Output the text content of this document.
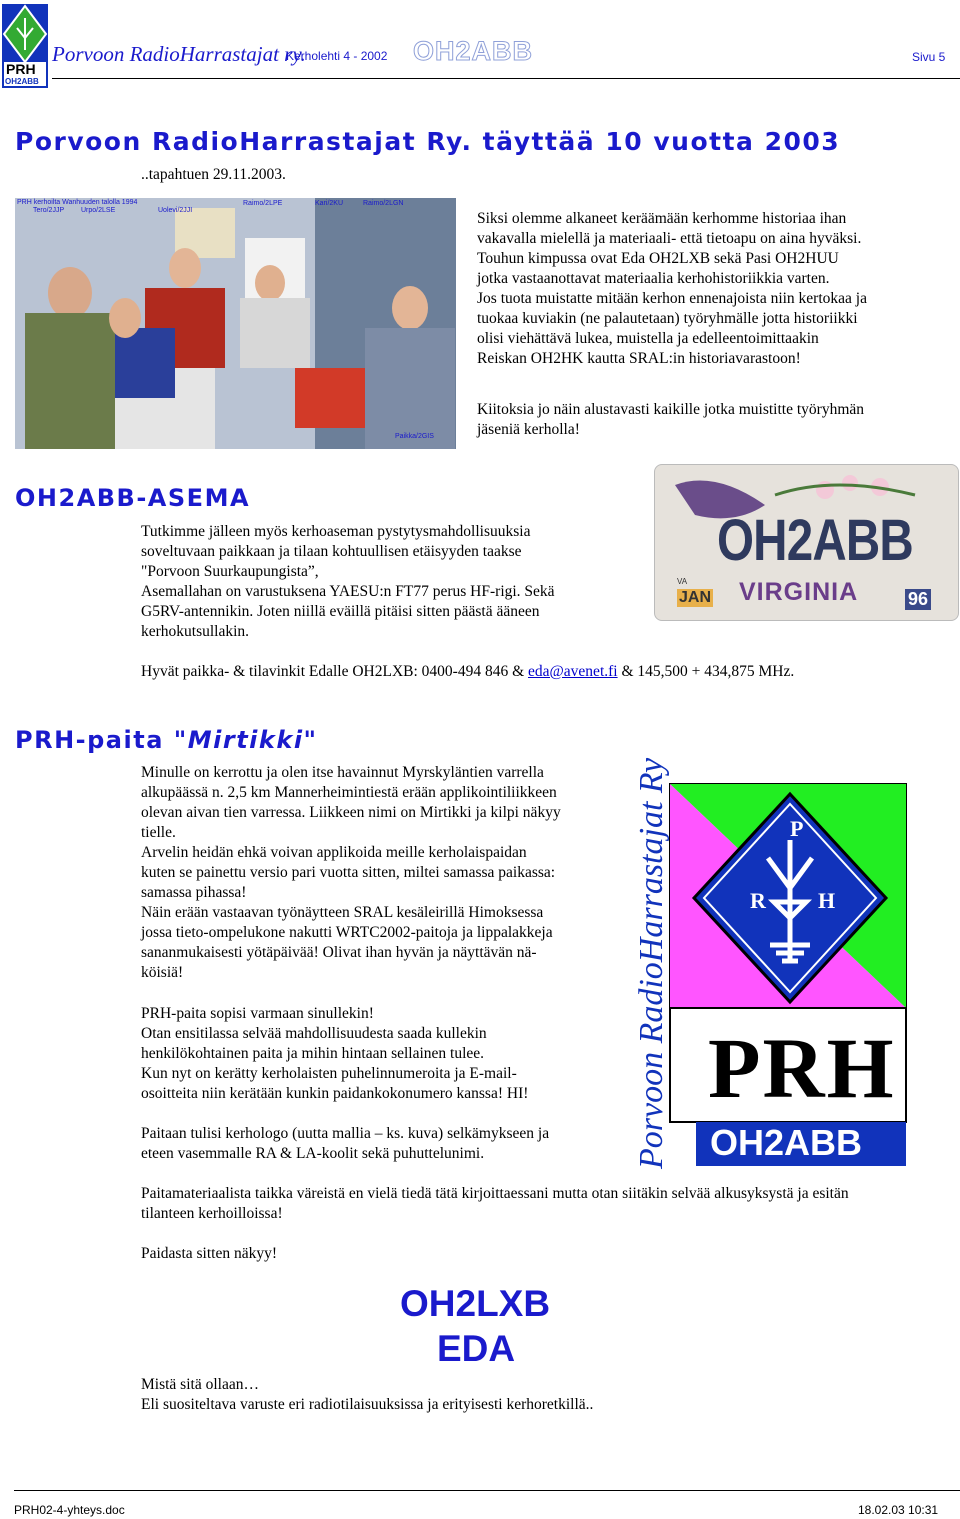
PRH
OH2ABB
Porvoon RadioHarrastajat ry.
Kerholehti 4 - 2002 OH2ABB	Sivu 5
Porvoon RadioHarrastajat Ry. täyttää 10 vuotta 2003
..tapahtuen 29.11.2003.
PRH kerhoilta Wanhuuden talolla 1994
Tero/2JJP Urpo/2LSE	Uolevi/2JJI
Raimo/2LPE	Kari/2KU	Raimo/2LGN
Paikka/2GIS
Siksi olemme alkaneet keräämään kerhomme historiaa ihan
vakavalla mielellä ja materiaali- että tietoapu on aina hyväksi.
Touhun kimpussa ovat Eda OH2LXB sekä Pasi OH2HUU
jotka vastaanottavat materiaalia kerhohistoriikkia varten.
Jos tuota muistatte mitään kerhon ennenajoista niin kertokaa ja
tuokaa kuviakin (ne palautetaan) työryhmälle jotta historiikki
olisi viehättävä lukea, muistella ja edelleentoimittaakin
Reiskan OH2HK kautta SRAL:in historiavarastoon!
Kiitoksia jo näin alustavasti kaikille jotka muistitte työryhmän
jäseniä kerholla!
OH2ABB-ASEMA
Tutkimme jälleen myös kerhoaseman pystytysmahdollisuuksia
soveltuvaan paikkaan ja tilaan kohtuullisen etäisyyden taakse
"Porvoon Suurkaupungista”,
Asemallahan on varustuksena YAESU:n FT77 perus HF-rigi. Sekä
G5RV-antennikin. Joten niillä eväillä pitäisi sitten päästä ääneen
kerhokutsullakin.
OH2ABB
VIRGINIA
VA
JAN	96
Hyvät paikka- & tilavinkit Edalle OH2LXB: 0400-494 846 & eda@avenet.fi & 145,500 + 434,875 MHz.
PRH-paita "Mirtikki"
Minulle on kerrottu ja olen itse havainnut Myrskyläntien varrella
alkupäässä n. 2,5 km Mannerheimintiestä erään applikointiliikkeen
olevan aivan tien varressa. Liikkeen nimi on Mirtikki ja kilpi näkyy
tielle.
Arvelin heidän ehkä voivan applikoida meille kerholaispaidan
kuten se painettu versio pari vuotta sitten, miltei samassa paikassa:
samassa pihassa!
Näin erään vastaavan työnäytteen SRAL kesäleirillä Himoksessa
jossa tieto-ompelukone nakutti WRTC2002-paitoja ja lippalakkeja
sananmukaisesti yötäpäivää! Olivat ihan hyvän ja näyttävän nä-
köisiä!
PRH-paita sopisi varmaan sinullekin!
Otan ensitilassa selvää mahdollisuudesta saada kullekin
henkilökohtainen paita ja mihin hintaan sellainen tulee.
Kun nyt on kerätty kerholaisten puhelinnumeroita ja E-mail-
osoitteita niin kerätään kunkin paidankokonumero kanssa! HI!
Paitaan tulisi kerhologo (uutta mallia – ks. kuva) selkämykseen ja
eteen vasemmalle RA & LA-koolit sekä puhuttelunimi.	Porvoon RadioHarrastajat Ry	P
R H
PRH
OH2ABB
Paitamateriaalista taikka väreistä en vielä tiedä tätä kirjoittaessani mutta otan siitäkin selvää alkusyksystä ja esitän
tilanteen kerhoilloissa!
Paidasta sitten näkyy!
OH2LXB
EDA
Mistä sitä ollaan…
Eli suositeltava varuste eri radiotilaisuuksissa ja erityisesti kerhoretkillä..
PRH02-4-yhteys.doc	18.02.03 10:31
